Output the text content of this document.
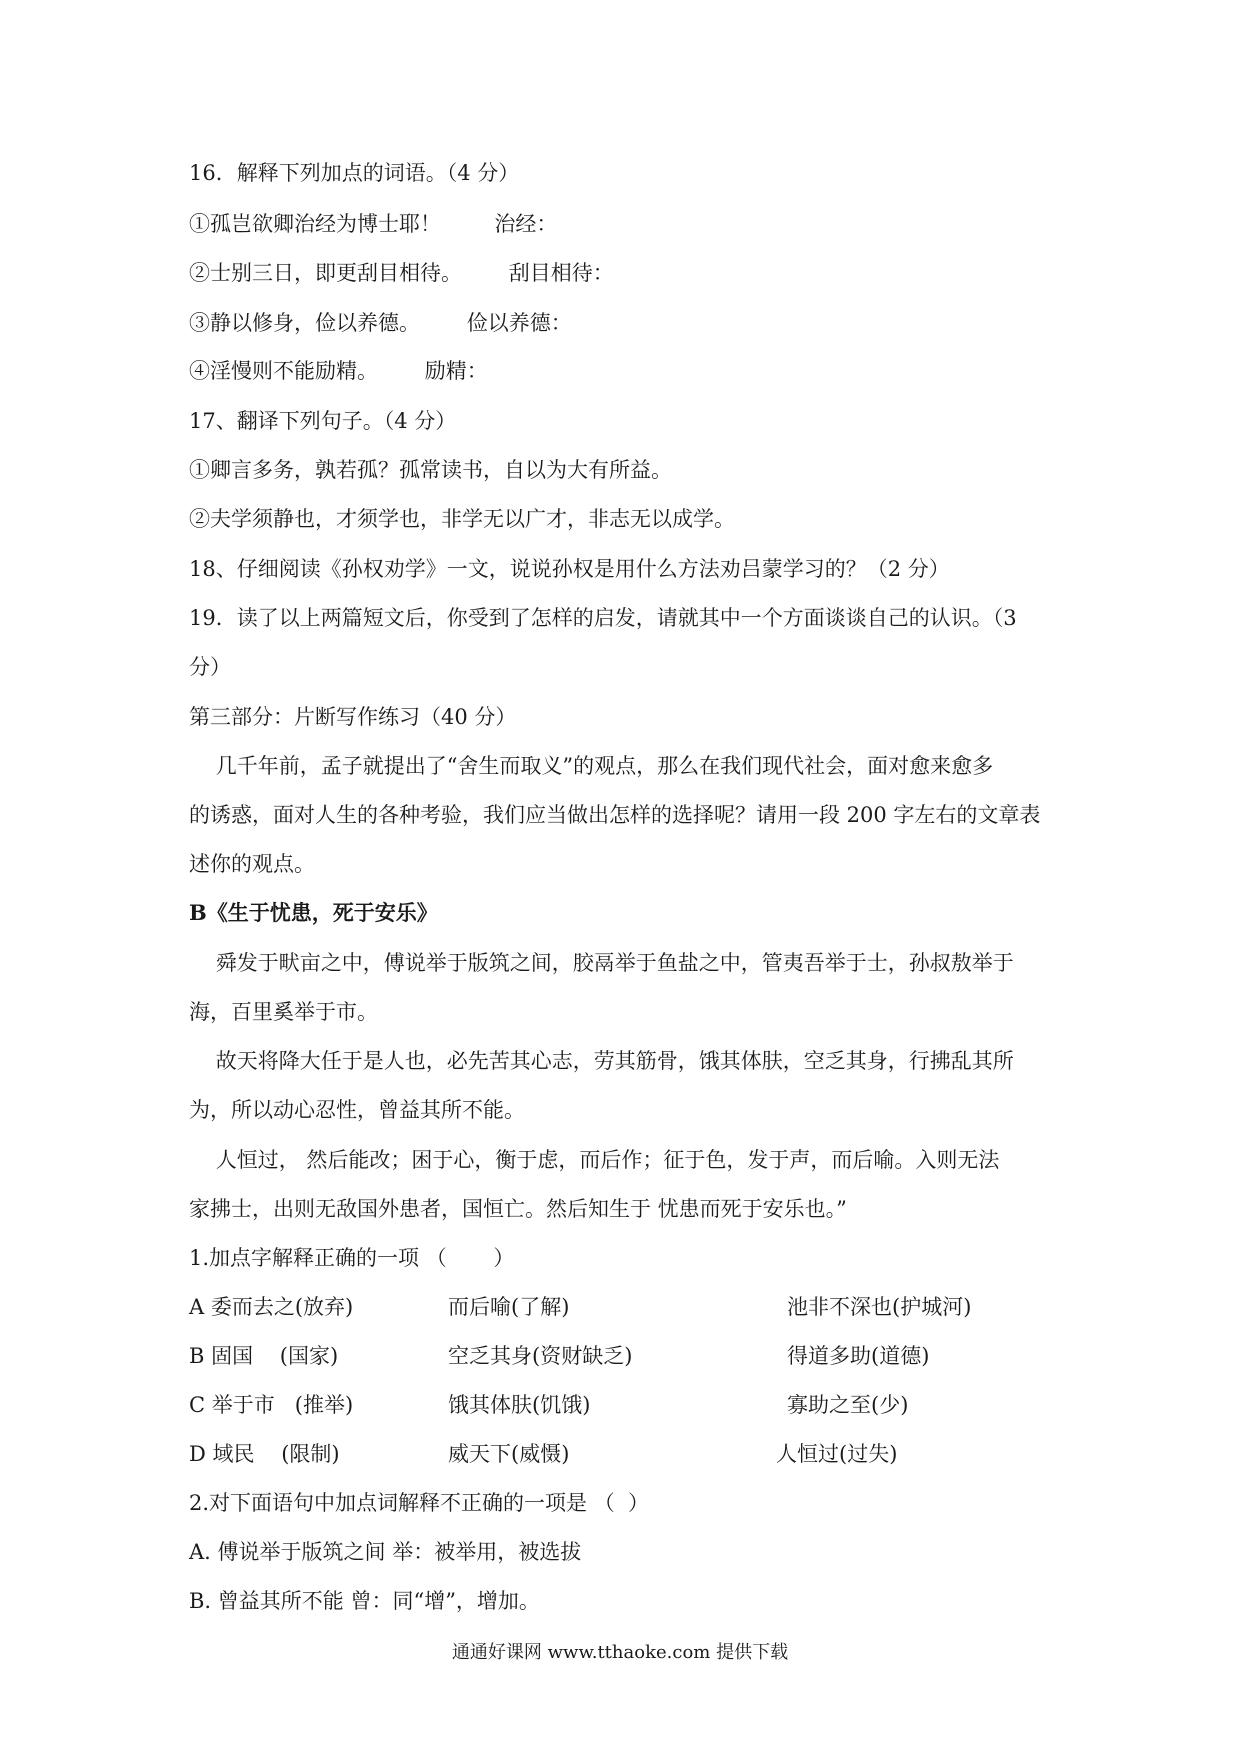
16．解释下列加点的词语。（4 分）
①孤岂欲卿治经为博士耶！        治经：
②士别三日，即更刮目相待。       刮目相待：
③静以修身，俭以养德。       俭以养德：
④淫慢则不能励精。       励精：
17、翻译下列句子。（4 分）
①卿言多务，孰若孤？孤常读书，自以为大有所益。
②夫学须静也，才须学也，非学无以广才，非志无以成学。
18、仔细阅读《孙权劝学》一文，说说孙权是用什么方法劝吕蒙学习的？（2 分）
19．读了以上两篇短文后，你受到了怎样的启发，请就其中一个方面谈谈自己的认识。（3
分）
第三部分：片断写作练习（40 分）
几千年前，孟子就提出了“舍生而取义”的观点，那么在我们现代社会，面对愈来愈多
的诱惑，面对人生的各种考验，我们应当做出怎样的选择呢？请用一段 200 字左右的文章表
述你的观点。
B《生于忧患，死于安乐》
舜发于畎亩之中，傅说举于版筑之间，胶鬲举于鱼盐之中，管夷吾举于士，孙叔敖举于
海，百里奚举于市。
故天将降大任于是人也，必先苦其心志，劳其筋骨，饿其体肤，空乏其身，行拂乱其所
为，所以动心忍性，曾益其所不能。
人恒过， 然后能改；困于心，衡于虑，而后作；征于色，发于声，而后喻。入则无法
家拂士，出则无敌国外患者，国恒亡。然后知生于 忧患而死于安乐也。”
1.加点字解释正确的一项 （       ）
A 委而去之(放弃)	而后喻(了解)	池非不深也(护城河)
B 固国    (国家)	空乏其身(资财缺乏)	得道多助(道德)
C 举于市   (推举)	饿其体肤(饥饿)	寡助之至(少)
D 域民    (限制)	威天下(威慑)	人恒过(过失)
2.对下面语句中加点词解释不正确的一项是 （  ）
A. 傅说举于版筑之间 举：被举用，被选拔
B. 曾益其所不能 曾：同“增”，增加。
通通好课网 www.tthaoke.com 提供下载
